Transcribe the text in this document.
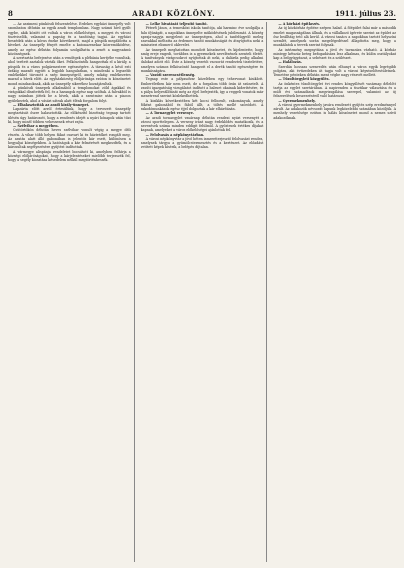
8	ARADI KÖZLÖNY.	1911. július 23.

— Az aszimeni pünkösdi felszentelése. Érdekes egyházi ünnepély volt szombaton délután az egyik aradi templomban. Nagy számú hívő gyűlt egybe, akik között ott voltak a város előkelőségei, a megyei és városi tisztviselők, valamint a papság és a tanítóság tagjai. Az egyházi beszédek után a kórus éneke következett, majd a püspök megáldotta a híveket. Az ünnepély fényét emelte a katonazenekar közreműködése, amely az egész délután folyamán szolgáltatta a zenét a nagyszámú közönségnek.

A szertartás befejezése után a vendégek a plébánia kertjébe vonultak, ahol terített asztalok várták őket. Felköszöntők hangzottak el a király, a püspök és a város polgármestere egészségére. A társaság a késő esti órákig maradt együtt a legjobb hangulatban, s mindenki a legszebb emlékekkel távozott a szép ünnepségről, amely sokáig emlékezetes marad a hívek előtt. Az egyházközség elöljárósága ezúton is köszönetet mond mindazoknak, akik az ünnepély sikeréhez hozzájárultak.

A pünkösdi ünnepek alkalmából a templomokat zöld ágakkal és virágokkal díszítették fel, és a harangok egész nap szóltak. A falvakból is nagy számban jöttek be a hívek, akik a szentmise után a piacon gyülekeztek, ahol a vásári sátrak alatt élénk forgalom folyt.

— Elhalasztották az aradi király-ünnepet.

Lapzárta előtt arról értesülünk, hogy a tervezett ünnepély megtartását őszre halasztották. Az előkészítő bizottság tegnap tartott ülésén úgy határozott, hogy a rendezés idejét a nyári hónapok után tűzi ki, hogy minél többen vehessenek részt rajta.

— Szélvihar a megyében.

Csütörtökön délután heves szélvihar vonult végig a megye déli részén. A vihar több helyen fákat csavart ki és háztetőket rongált meg. Az aratás alatt álló gabonában is jelentős kár esett, különösen a hegyaljai községekben. A hatóságok a kár felmérését megkezdték, és a károsultak segélyezésére gyűjtést indítottak.

A vármegye alispánja rendeletet bocsátott ki, amelyben felhívja a községi elöljáróságokat, hogy a kárjelentéseket mielőbb terjesszék fel, hogy a segély kiosztása késedelem nélkül megtörténhessék.

— Lelke hivatását teljesítő tanító.

Péterfi János, a temesközi iskola tanítója, aki harminc éve szolgálja a falu ifjúságát, a napokban ünnepelte működésének jubileumát. A község apraja-nagyja megjelent az ünnepségen, ahol a tanfelügyelő meleg szavakkal méltatta az érdemes tanító munkásságát és átnyújtotta neki a miniszteri elismerő oklevelet.

Az ünnepelt meghatottan mondott köszönetet, és kijelentette, hogy amíg ereje engedi, továbbra is a gyermekek nevelésének szenteli életét. A tanítványok virágcsokrot nyújtottak át neki, a dalárda pedig alkalmi dalokat adott elő. Este a község vezetői vacsorát rendeztek tiszteletére, amelyen számos felköszöntő hangzott el a derék tanító egészségére és munkásságára.

— Vasúti szerencsétlenség.

Tegnap este a pályaudvar közelében egy tehervonat kisiklott. Emberéletben kár nem esett, de a forgalom több órán át szünetelt. A vasúti igazgatóság vizsgálatot indított a baleset okainak kiderítésére, és a pálya helyreállítását még az éjjel befejezték, így a reggeli vonatok már menetrend szerint közlekedhettek.

A kisiklás következtében két kocsi felborult, rakományuk, amely főként gabonából és fából állt, a töltés mellé szóródott. A rakodómunkások egész éjjel dolgoztak a kár elhárításán.

— A Tornaegylet versenye.

Az aradi tornaegylet vasárnap délután rendezi nyári versenyét a városi sporttelepen. A verseny iránt nagy érdeklődés mutatkozik, és a nevezések száma minden eddigit felülmúl. A győztesek értékes díjakat kapnak, amelyeket a város előkelőségei ajánlottak fel.

— Felolvasás a népkönyvtárban.

A városi népkönyvtár a jövő héten ismeretterjesztő felolvasást rendez, amelynek tárgya a gyümölcstermesztés és a kertészet. Az előadást vetített képek kísérik, a belépés díjtalan.

— A kórházi építkezés.

Az új közkórház építése szépen halad. A főépület falai már a második emelet magasságában állnak, és a vállalkozó ígérete szerint az épület az ősz beálltáig tető alá kerül. A városi tanács a napokban tartott helyszíni szemlét, amelynek során megelégedéssel állapította meg, hogy a munkálatok a tervek szerint folynak.

Az intézmény megnyitása a jövő év tavaszára várható. A kórház mintegy kétszáz beteg befogadására lesz alkalmas, és külön osztályokat kap a belgyógyászat, a sebészet és a szülészet.

— Halálozás.

Szerdán hosszas szenvedés után elhunyt a város egyik legrégibb polgára, aki évtizedeken át tagja volt a városi képviselőtestületnek. Temetése pénteken délután ment végbe nagy részvét mellett.

— Tűzoltóegyleti közgyűlés.

Az önkéntes tűzoltóegylet évi rendes közgyűlését vasárnap délelőtt tartja az egylet szertárában. A napirenden a tisztikar választása és a múlt évi számadások megvizsgálása szerepel, valamint az új felszerelések beszerzéséről való határozat.

— Gyermekmenhely.

A városi gyermekmenhely javára rendezett gyűjtés szép eredménnyel zárult. Az adakozók névsorát lapunk legközelebbi számában közöljük. A menhely vezetősége ezúton is hálás köszönetet mond a nemes szívű adakozóknak.
